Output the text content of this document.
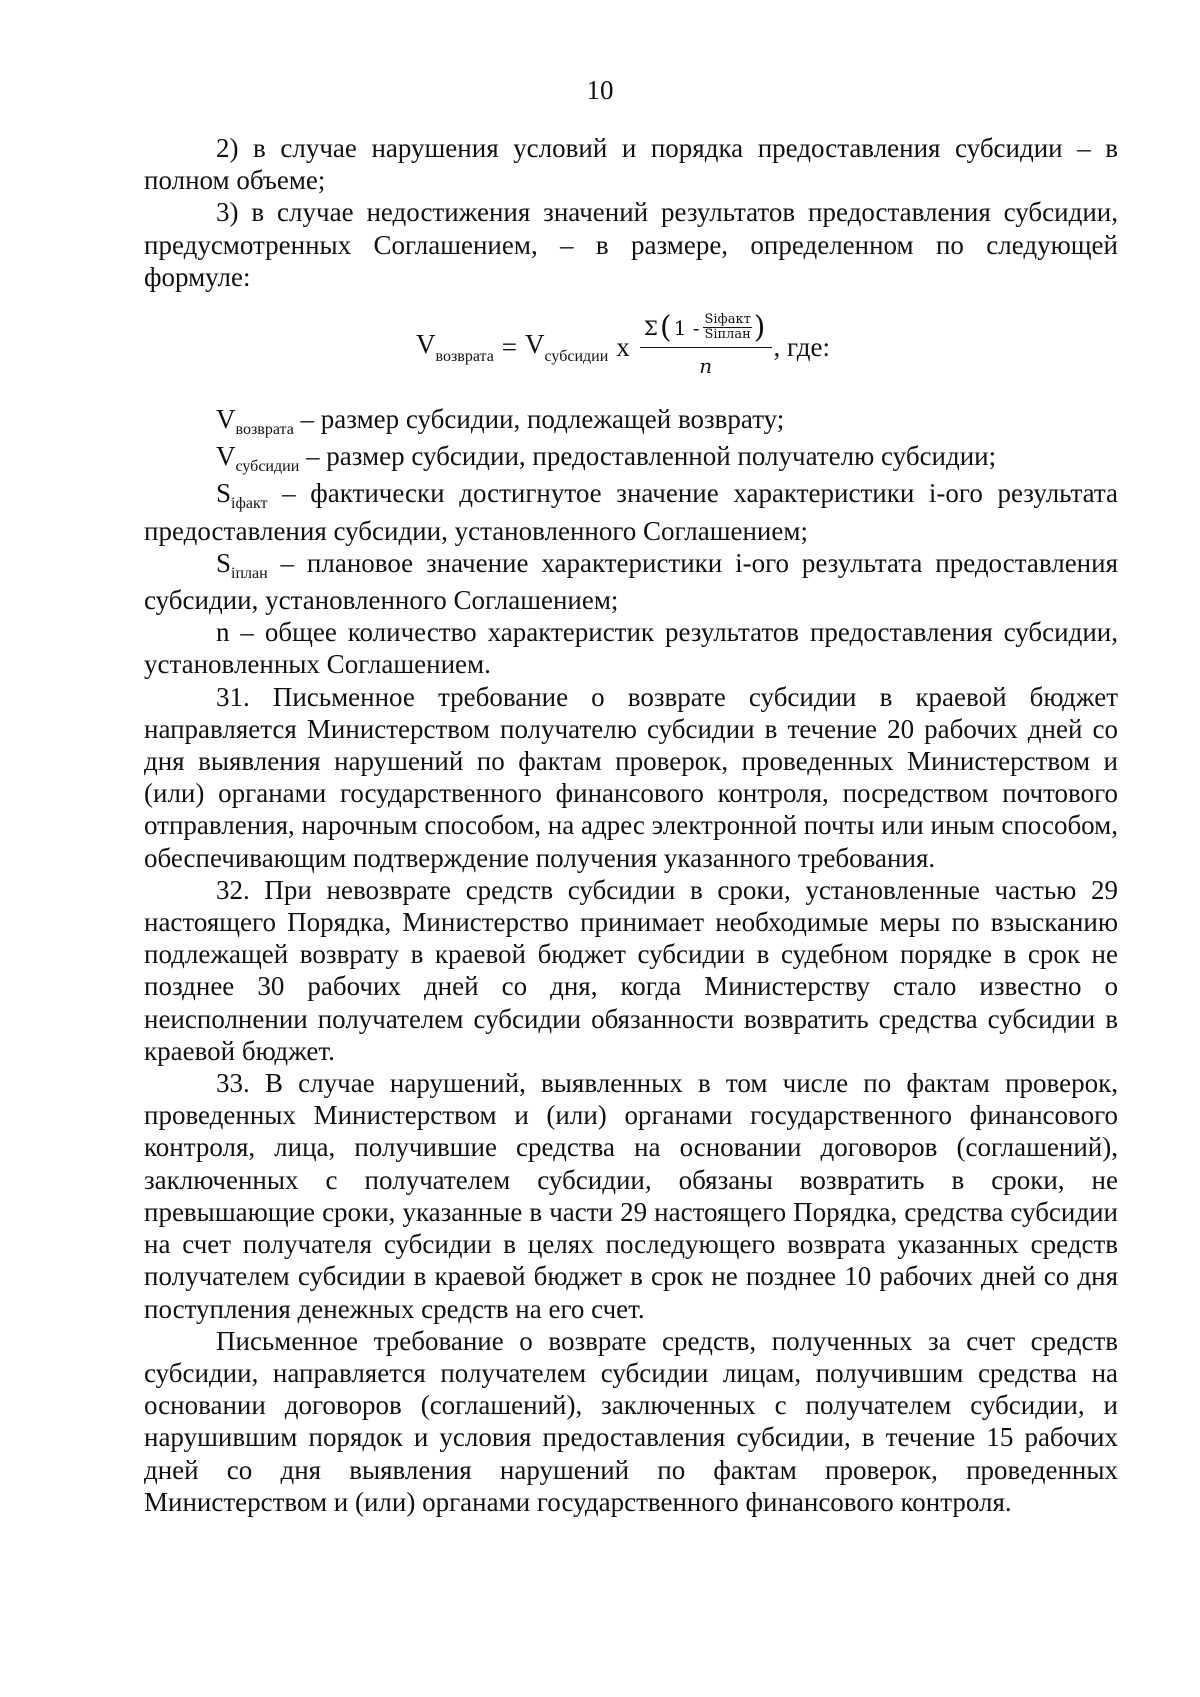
10

2) в случае нарушения условий и порядка предоставления субсидии – в полном объеме;

3) в случае недостижения значений результатов предоставления субсидии, предусмотренных Соглашением, – в размере, определенном по следующей формуле:

$V_{возврата} = V_{субсидии}$ x
Σ ( $1 - \frac{\text{Siфакт}}{\text{Siплан}}$ )
n
, где:

$V_{возврата}$ – размер субсидии, подлежащей возврату;

$V_{субсидии}$ – размер субсидии, предоставленной получателю субсидии;

$S_{iфакт}$ – фактически достигнутое значение характеристики i-ого результата предоставления субсидии, установленного Соглашением;

$S_{iплан}$ – плановое значение характеристики i-ого результата предоставления субсидии, установленного Соглашением;

n – общее количество характеристик результатов предоставления субсидии, установленных Соглашением.

31. Письменное требование о возврате субсидии в краевой бюджет направляется Министерством получателю субсидии в течение 20 рабочих дней со дня выявления нарушений по фактам проверок, проведенных Министерством и (или) органами государственного финансового контроля, посредством почтового отправления, нарочным способом, на адрес электронной почты или иным способом, обеспечивающим подтверждение получения указанного требования.

32. При невозврате средств субсидии в сроки, установленные частью 29 настоящего Порядка, Министерство принимает необходимые меры по взысканию подлежащей возврату в краевой бюджет субсидии в судебном порядке в срок не позднее 30 рабочих дней со дня, когда Министерству стало известно о неисполнении получателем субсидии обязанности возвратить средства субсидии в краевой бюджет.

33. В случае нарушений, выявленных в том числе по фактам проверок, проведенных Министерством и (или) органами государственного финансового контроля, лица, получившие средства на основании договоров (соглашений), заключенных с получателем субсидии, обязаны возвратить в сроки, не превышающие сроки, указанные в части 29 настоящего Порядка, средства субсидии на счет получателя субсидии в целях последующего возврата указанных средств получателем субсидии в краевой бюджет в срок не позднее 10 рабочих дней со дня поступления денежных средств на его счет.

Письменное требование о возврате средств, полученных за счет средств субсидии, направляется получателем субсидии лицам, получившим средства на основании договоров (соглашений), заключенных с получателем субсидии, и нарушившим порядок и условия предоставления субсидии, в течение 15 рабочих дней со дня выявления нарушений по фактам проверок, проведенных Министерством и (или) органами государственного финансового контроля.
